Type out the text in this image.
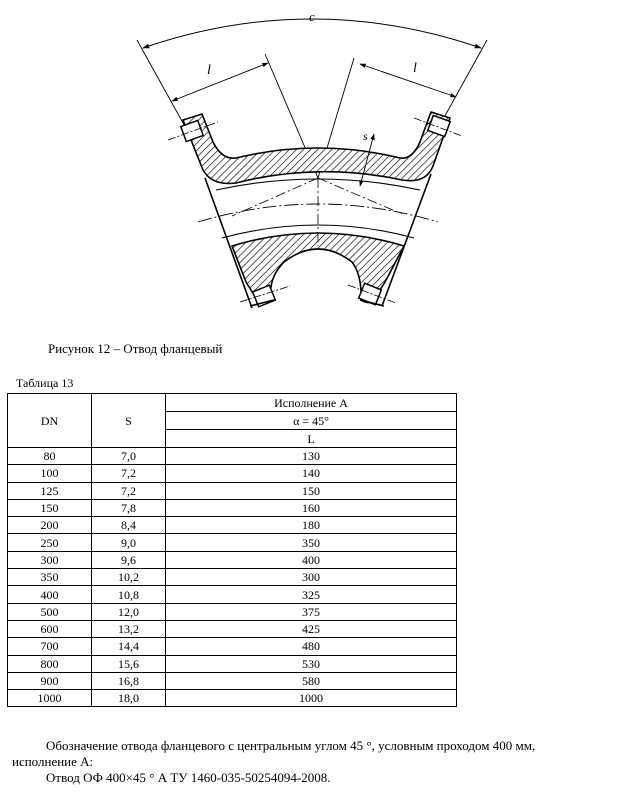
c
l	l
s
Рисунок 12 – Отвод фланцевый
Таблица 13
DN	S	Исполнение А
		α = 45°
		L
80	7,0	130
100	7,2	140
125	7,2	150
150	7,8	160
200	8,4	180
250	9,0	350
300	9,6	400
350	10,2	300
400	10,8	325
500	12,0	375
600	13,2	425
700	14,4	480
800	15,6	530
900	16,8	580
1000	18,0	1000

Обозначение отвода фланцевого с центральным углом 45 °, условным проходом 400 мм,

исполнение А:

Отвод ОФ 400×45 ° А ТУ 1460-035-50254094-2008.
